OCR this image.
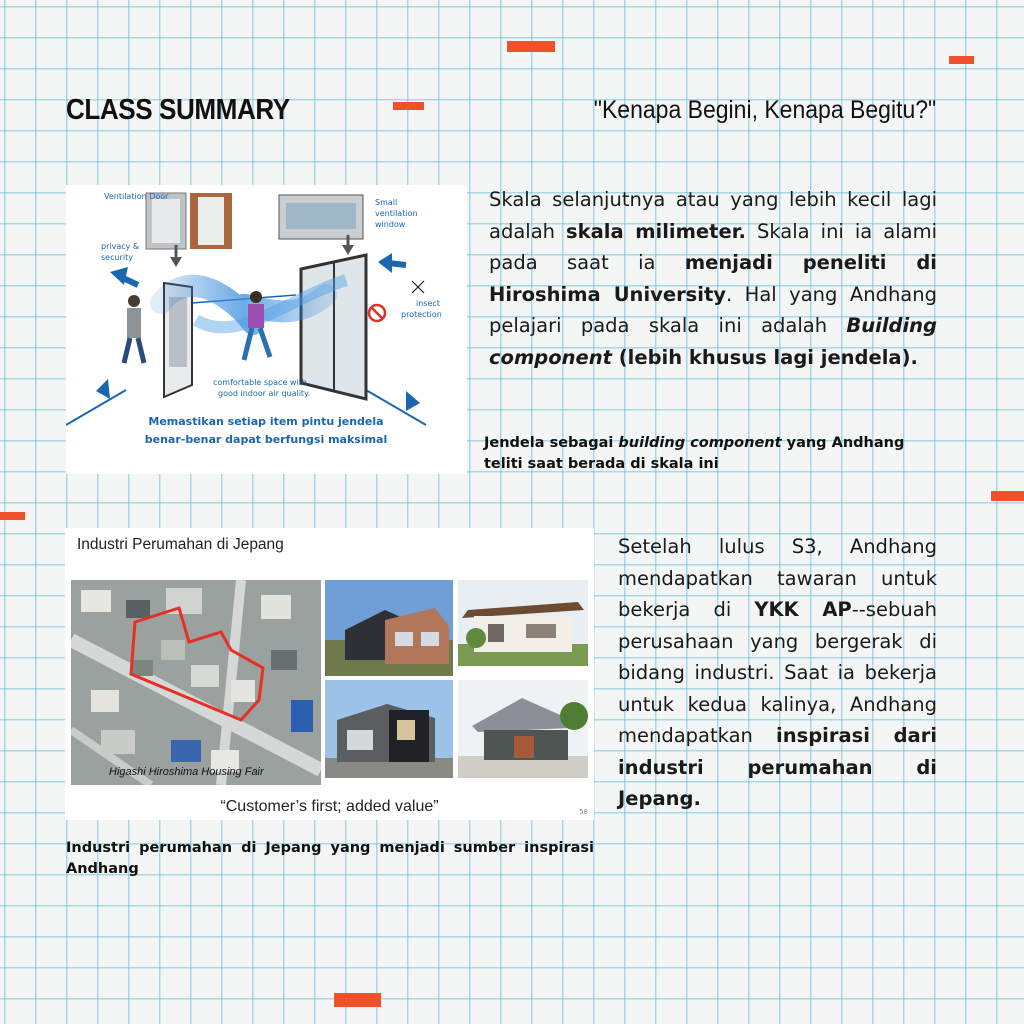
CLASS SUMMARY	"Kenapa Begini, Kenapa Begitu?"
Ventilation Door
Small
ventilation
window
privacy &
security
insect
protection
comfortable space with
good indoor air quality.
Memastikan setiap item pintu jendela
benar-benar dapat berfungsi maksimal
Skala selanjutnya atau yang lebih kecil lagi adalah skala milimeter. Skala ini ia alami pada saat ia menjadi peneliti di Hiroshima University. Hal yang Andhang pelajari pada skala ini adalah Building component (lebih khusus lagi jendela).
Jendela sebagai building component yang Andhang teliti saat berada di skala ini
Industri Perumahan di Jepang
Higashi Hiroshima Housing Fair
“Customer’s first; added value”	58
Setelah lulus S3, Andhang mendapatkan tawaran untuk bekerja di YKK AP--sebuah perusahaan yang bergerak di bidang industri. Saat ia bekerja untuk kedua kalinya, Andhang mendapatkan inspirasi dari industri perumahan di Jepang.
Industri perumahan di Jepang yang menjadi sumber inspirasi Andhang
